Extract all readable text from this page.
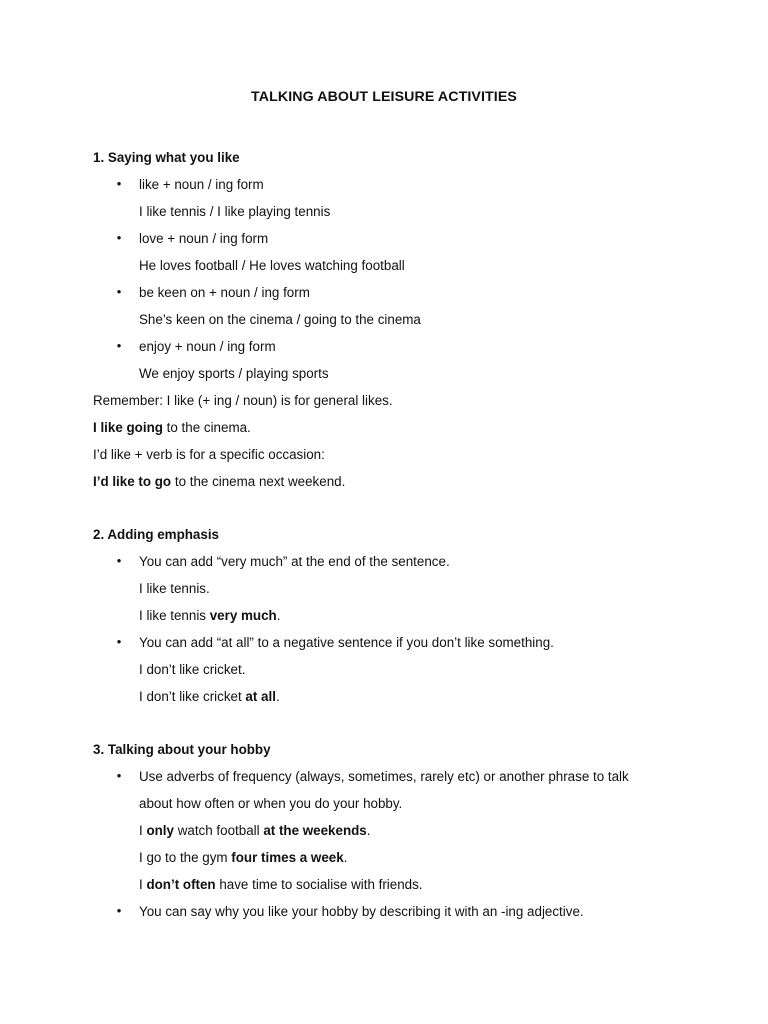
TALKING ABOUT LEISURE ACTIVITIES
1. Saying what you like
• like + noun / ing form
I like tennis / I like playing tennis
• love + noun / ing form
He loves football / He loves watching football
• be keen on + noun / ing form
She’s keen on the cinema / going to the cinema
• enjoy + noun / ing form
We enjoy sports / playing sports
Remember: I like (+ ing / noun) is for general likes.
I like going to the cinema.
I’d like + verb is for a specific occasion:
I’d like to go to the cinema next weekend.
2. Adding emphasis
• You can add “very much” at the end of the sentence.
I like tennis.
I like tennis very much.
• You can add “at all” to a negative sentence if you don’t like something.
I don’t like cricket.
I don’t like cricket at all.
3. Talking about your hobby
• Use adverbs of frequency (always, sometimes, rarely etc) or another phrase to talk
about how often or when you do your hobby.
I only watch football at the weekends.
I go to the gym four times a week.
I don’t often have time to socialise with friends.
• You can say why you like your hobby by describing it with an -ing adjective.
